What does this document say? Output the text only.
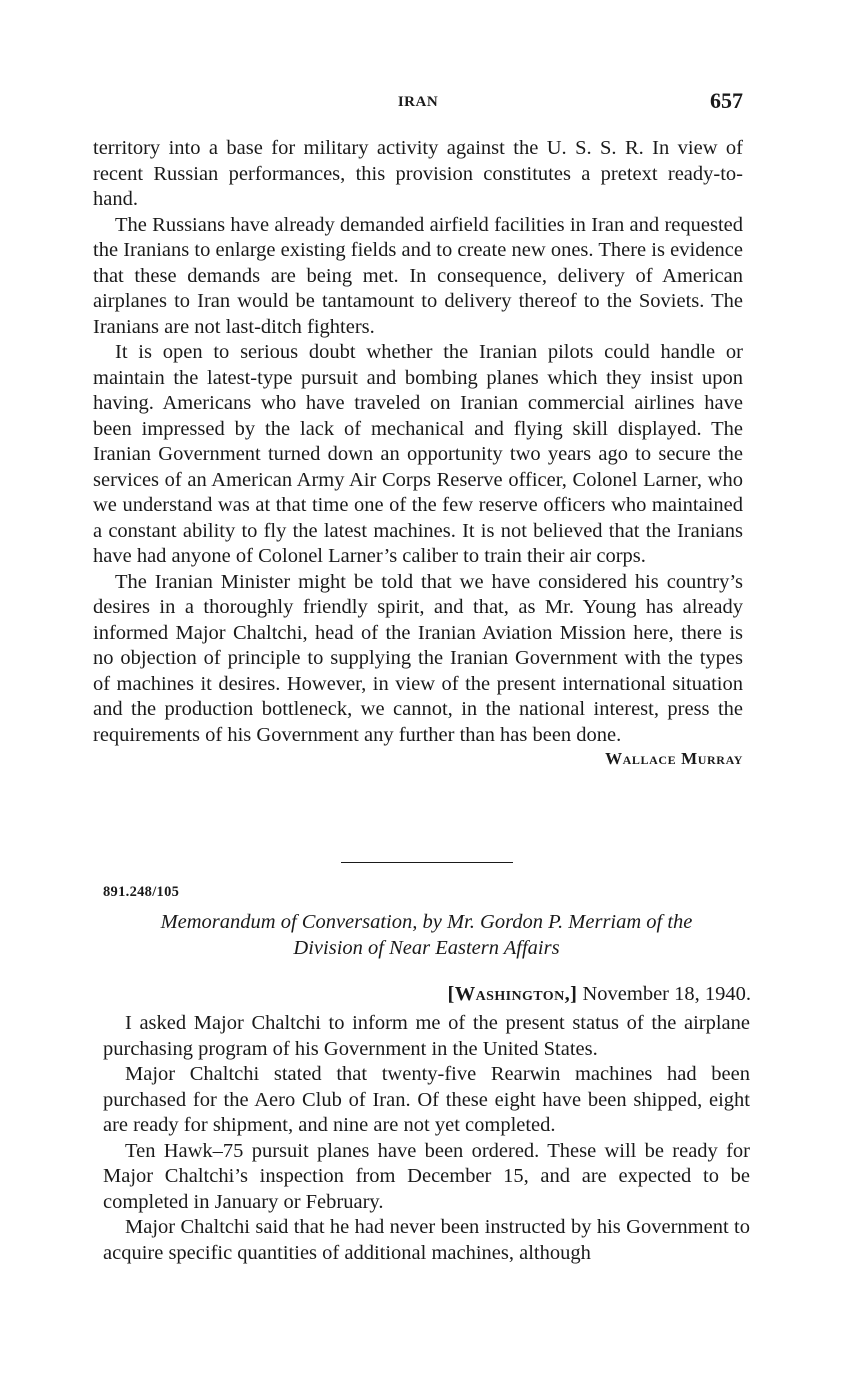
IRAN	657

territory into a base for military activity against the U. S. S. R. In view of recent Russian performances, this provision constitutes a pretext ready-to-hand.

The Russians have already demanded airfield facilities in Iran and requested the Iranians to enlarge existing fields and to create new ones. There is evidence that these demands are being met. In consequence, delivery of American airplanes to Iran would be tantamount to delivery thereof to the Soviets. The Iranians are not last-ditch fighters.

It is open to serious doubt whether the Iranian pilots could handle or maintain the latest-type pursuit and bombing planes which they insist upon having. Americans who have traveled on Iranian commercial airlines have been impressed by the lack of mechanical and flying skill displayed. The Iranian Government turned down an opportunity two years ago to secure the services of an American Army Air Corps Reserve officer, Colonel Larner, who we understand was at that time one of the few reserve officers who maintained a constant ability to fly the latest machines. It is not believed that the Iranians have had anyone of Colonel Larner’s caliber to train their air corps.

The Iranian Minister might be told that we have considered his country’s desires in a thoroughly friendly spirit, and that, as Mr. Young has already informed Major Chaltchi, head of the Iranian Aviation Mission here, there is no objection of principle to supplying the Iranian Government with the types of machines it desires. However, in view of the present international situation and the production bottleneck, we cannot, in the national interest, press the requirements of his Government any further than has been done.

Wallace Murray
891.248/105
Memorandum of Conversation, by Mr. Gordon P. Merriam of the
Division of Near Eastern Affairs
[Washington,] November 18, 1940.

I asked Major Chaltchi to inform me of the present status of the airplane purchasing program of his Government in the United States.

Major Chaltchi stated that twenty-five Rearwin machines had been purchased for the Aero Club of Iran. Of these eight have been shipped, eight are ready for shipment, and nine are not yet completed.

Ten Hawk–75 pursuit planes have been ordered. These will be ready for Major Chaltchi’s inspection from December 15, and are expected to be completed in January or February.

Major Chaltchi said that he had never been instructed by his Government to acquire specific quantities of additional machines, although
